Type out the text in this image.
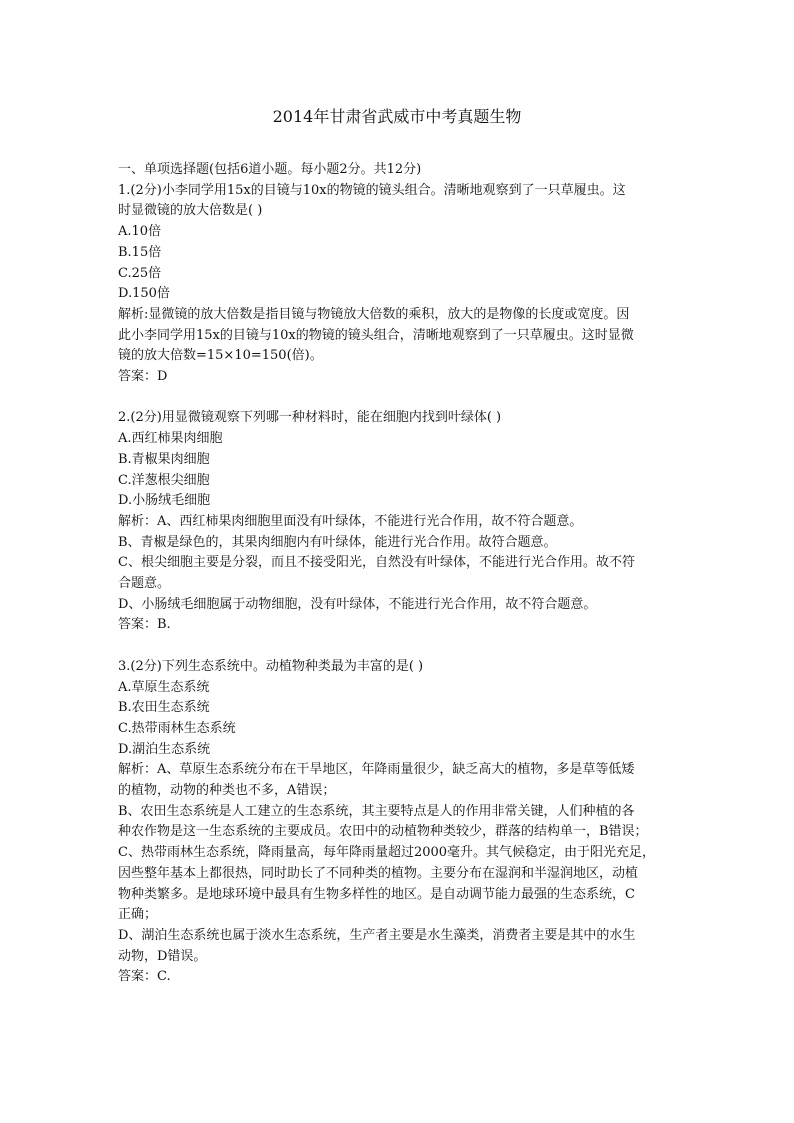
2014年甘肃省武威市中考真题生物
一、单项选择题(包括6道小题。每小题2分。共12分)
1.(2分)小李同学用15x的目镜与10x的物镜的镜头组合。清晰地观察到了一只草履虫。这
时显微镜的放大倍数是( )
A.10倍
B.15倍
C.25倍
D.150倍
解析:显微镜的放大倍数是指目镜与物镜放大倍数的乘积，放大的是物像的长度或宽度。因
此小李同学用15x的目镜与10x的物镜的镜头组合，清晰地观察到了一只草履虫。这时显微
镜的放大倍数=15×10=150(倍)。
答案：D
2.(2分)用显微镜观察下列哪一种材料时，能在细胞内找到叶绿体( )
A.西红柿果肉细胞
B.青椒果肉细胞
C.洋葱根尖细胞
D.小肠绒毛细胞
解析：A、西红柿果肉细胞里面没有叶绿体，不能进行光合作用，故不符合题意。
B、青椒是绿色的，其果肉细胞内有叶绿体，能进行光合作用。故符合题意。
C、根尖细胞主要是分裂，而且不接受阳光，自然没有叶绿体，不能进行光合作用。故不符
合题意。
D、小肠绒毛细胞属于动物细胞，没有叶绿体，不能进行光合作用，故不符合题意。
答案：B.
3.(2分)下列生态系统中。动植物种类最为丰富的是( )
A.草原生态系统
B.农田生态系统
C.热带雨林生态系统
D.湖泊生态系统
解析：A、草原生态系统分布在干旱地区，年降雨量很少，缺乏高大的植物，多是草等低矮
的植物，动物的种类也不多，A错误；
B、农田生态系统是人工建立的生态系统，其主要特点是人的作用非常关键，人们种植的各
种农作物是这一生态系统的主要成员。农田中的动植物种类较少，群落的结构单一，B错误；
C、热带雨林生态系统，降雨量高，每年降雨量超过2000毫升。其气候稳定，由于阳光充足，
因些整年基本上都很热，同时助长了不同种类的植物。主要分布在湿润和半湿润地区，动植
物种类繁多。是地球环境中最具有生物多样性的地区。是自动调节能力最强的生态系统，C
正确；
D、湖泊生态系统也属于淡水生态系统，生产者主要是水生藻类，消费者主要是其中的水生
动物，D错误。
答案：C.
